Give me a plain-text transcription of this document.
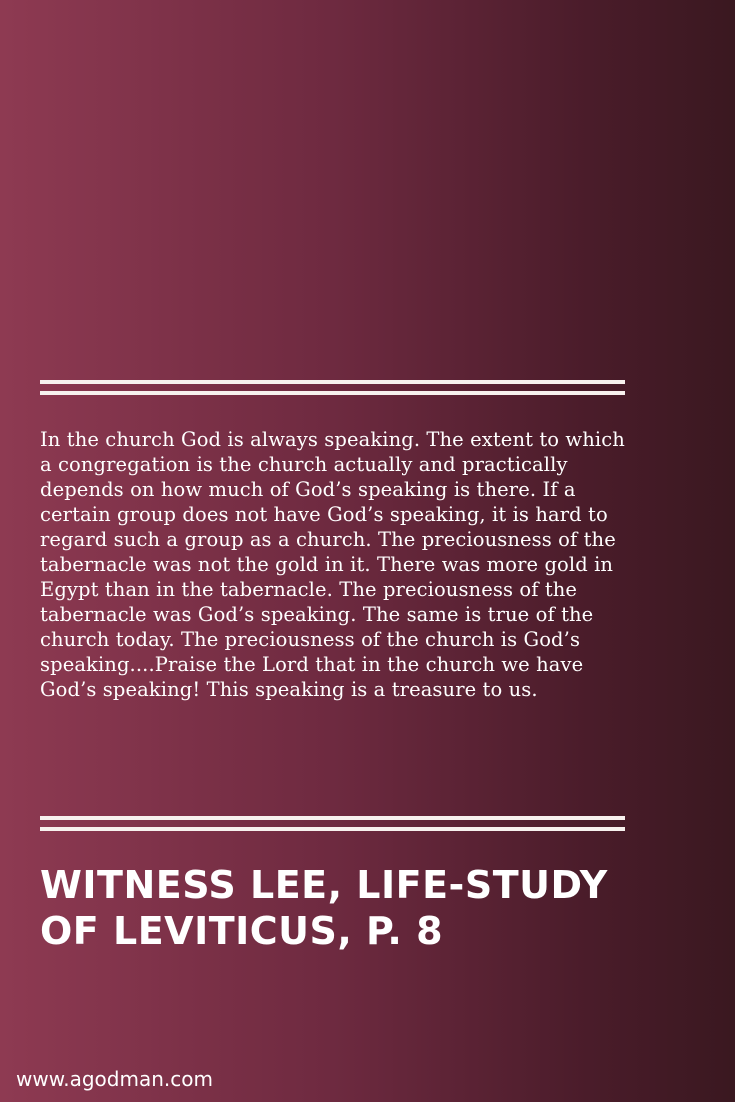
In the church God is always speaking. The extent to which a congregation is the church actually and practically depends on how much of God’s speaking is there. If a certain group does not have God’s speaking, it is hard to regard such a group as a church. The preciousness of the tabernacle was not the gold in it. There was more gold in Egypt than in the tabernacle. The preciousness of the tabernacle was God’s speaking. The same is true of the church today. The preciousness of the church is God’s speaking....Praise the Lord that in the church we have God’s speaking! This speaking is a treasure to us.

WITNESS LEE, LIFE-STUDY OF LEVITICUS, P. 8
www.agodman.com
